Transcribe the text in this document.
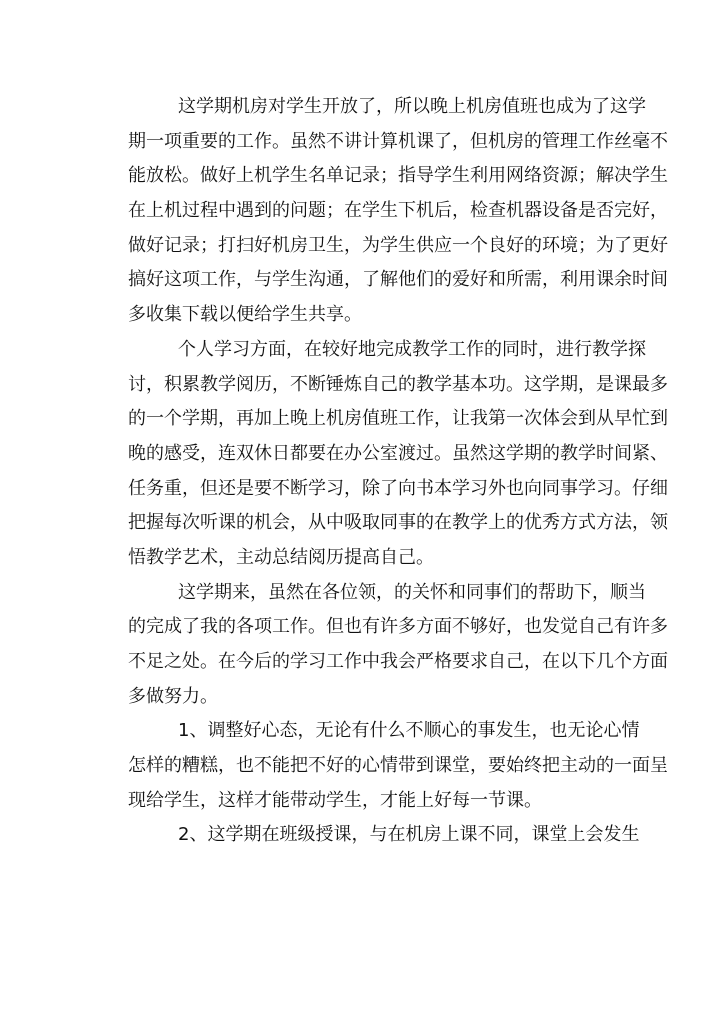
这学期机房对学生开放了，所以晚上机房值班也成为了这学
期一项重要的工作。虽然不讲计算机课了，但机房的管理工作丝毫不
能放松。做好上机学生名单记录；指导学生利用网络资源；解决学生
在上机过程中遇到的问题；在学生下机后，检查机器设备是否完好，
做好记录；打扫好机房卫生，为学生供应一个良好的环境；为了更好
搞好这项工作，与学生沟通，了解他们的爱好和所需，利用课余时间
多收集下载以便给学生共享。
个人学习方面，在较好地完成教学工作的同时，进行教学探
讨，积累教学阅历，不断锤炼自己的教学基本功。这学期，是课最多
的一个学期，再加上晚上机房值班工作，让我第一次体会到从早忙到
晚的感受，连双休日都要在办公室渡过。虽然这学期的教学时间紧、
任务重，但还是要不断学习，除了向书本学习外也向同事学习。仔细
把握每次听课的机会，从中吸取同事的在教学上的优秀方式方法，领
悟教学艺术，主动总结阅历提高自己。
这学期来，虽然在各位领，的关怀和同事们的帮助下，顺当
的完成了我的各项工作。但也有许多方面不够好，也发觉自己有许多
不足之处。在今后的学习工作中我会严格要求自己，在以下几个方面
多做努力。
1、调整好心态，无论有什么不顺心的事发生，也无论心情
怎样的糟糕，也不能把不好的心情带到课堂，要始终把主动的一面呈
现给学生，这样才能带动学生，才能上好每一节课。
2、这学期在班级授课，与在机房上课不同，课堂上会发生
